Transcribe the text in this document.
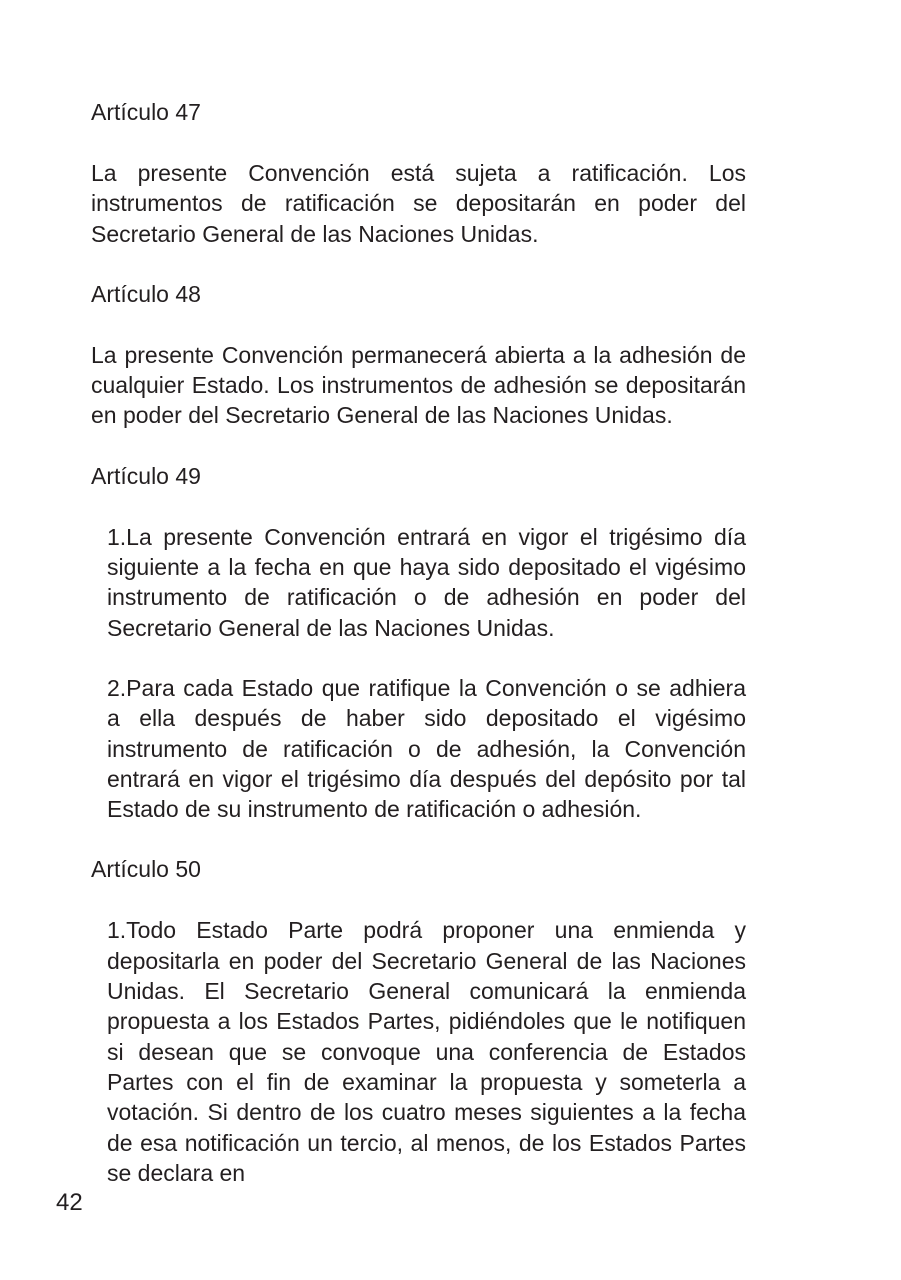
Artículo 47

La presente Convención está sujeta a ratificación. Los instrumentos de ratificación se depositarán en poder del Secretario General de las Naciones Unidas.

Artículo 48

La presente Convención permanecerá abierta a la adhesión de cualquier Estado. Los instrumentos de adhesión se depositarán en poder del Secretario General de las Naciones Unidas.

Artículo 49

1.La presente Convención entrará en vigor el trigésimo día siguiente a la fecha en que haya sido depositado el vigésimo instrumento de ratificación o de adhesión en poder del Secretario General de las Naciones Unidas.

2.Para cada Estado que ratifique la Convención o se adhiera a ella después de haber sido depositado el vigésimo instrumento de ratificación o de adhesión, la Convención entrará en vigor el trigésimo día después del depósito por tal Estado de su instrumento de ratificación o adhesión.

Artículo 50

1.Todo Estado Parte podrá proponer una enmienda y depositarla en poder del Secretario General de las Naciones Unidas. El Secretario General comunicará la enmienda propuesta a los Estados Partes, pidiéndoles que le notifiquen si desean que se convoque una conferencia de Estados Partes con el fin de examinar la propuesta y someterla a votación. Si dentro de los cuatro meses siguientes a la fecha de esa notificación un tercio, al menos, de los Estados Partes se declara en

42
